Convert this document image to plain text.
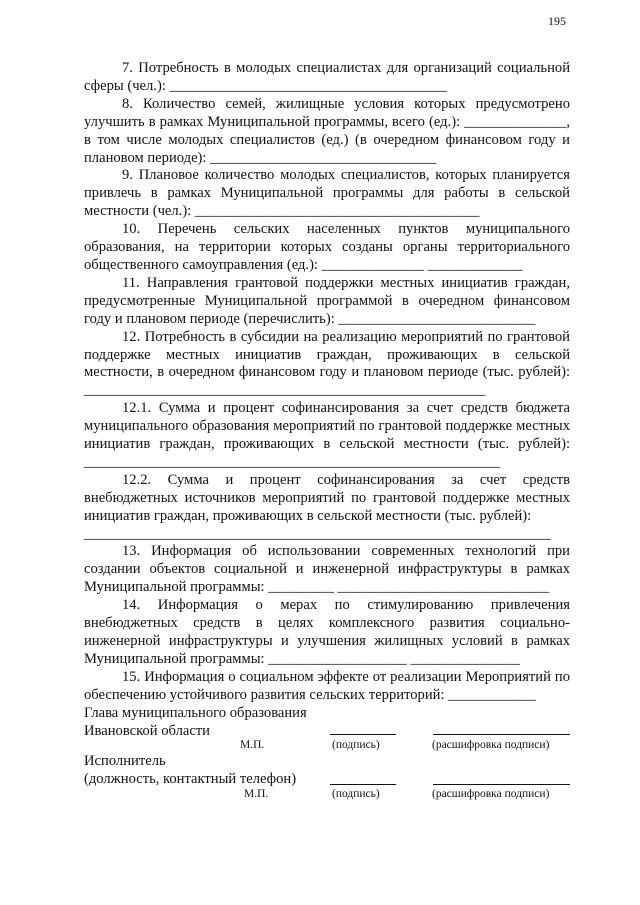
195

7. Потребность в молодых специалистах для организаций социальной сферы (чел.): ______________________________________

8. Количество семей, жилищные условия которых предусмотрено улучшить в рамках Муниципальной программы, всего (ед.): ______________, в том числе молодых специалистов (ед.) (в очередном финансовом году и плановом периоде): _______________________________

9. Плановое количество молодых специалистов, которых планируется привлечь в рамках Муниципальной программы для работы в сельской местности (чел.): _______________________________________

10. Перечень сельских населенных пунктов муниципального образования, на территории которых созданы органы территориального общественного самоуправления (ед.): ______________ _____________

11. Направления грантовой поддержки местных инициатив граждан, предусмотренные Муниципальной программой в очередном финансовом году и плановом периоде (перечислить): ___________________________

12. Потребность в субсидии на реализацию мероприятий по грантовой поддержке местных инициатив граждан, проживающих в сельской местности, в очередном финансовом году и плановом периоде (тыс. рублей): _______________________________________________________

12.1. Сумма и процент софинансирования за счет средств бюджета муниципального образования мероприятий по грантовой поддержке местных инициатив граждан, проживающих в сельской местности (тыс. рублей): _________________________________________________________

12.2. Сумма и процент софинансирования за счет средств внебюджетных источников мероприятий по грантовой поддержке местных инициатив граждан, проживающих в сельской местности (тыс. рублей):

________________________________________________________________

13. Информация об использовании современных технологий при создании объектов социальной и инженерной инфраструктуры в рамках Муниципальной программы: _________ _____________________________

14. Информация о мерах по стимулированию привлечения внебюджетных средств в целях комплексного развития социально-инженерной инфраструктуры и улучшения жилищных условий в рамках Муниципальной программы: ___________________ _______________

15. Информация о социальном эффекте от реализации Мероприятий по обеспечению устойчивого развития сельских территорий: ____________

Глава муниципального образования
Ивановской области
М.П.	(подпись)	(расшифровка подписи)
Исполнитель
(должность, контактный телефон)
М.П.	(подпись)	(расшифровка подписи)
